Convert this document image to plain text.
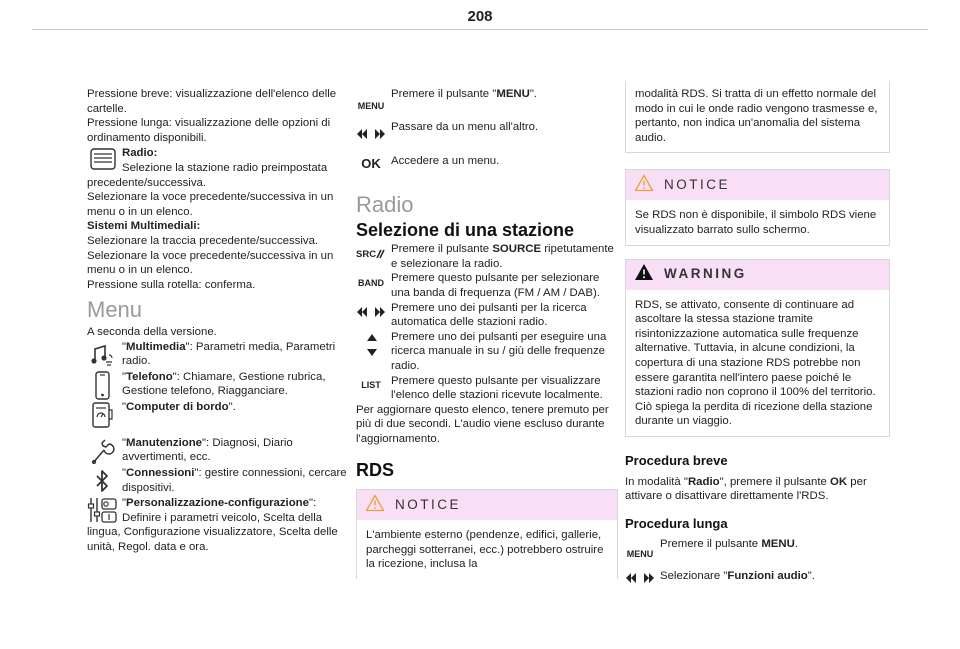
208

Pressione breve: visualizzazione dell'elenco delle cartelle.

Pressione lunga: visualizzazione delle opzioni di ordinamento disponibili.

Radio:
Selezione la stazione radio preimpostata precedente/successiva.

Selezionare la voce precedente/successiva in un menu o in un elenco.

Sistemi Multimediali:

Selezionare la traccia precedente/successiva.

Selezionare la voce precedente/successiva in un menu o in un elenco.

Pressione sulla rotella: conferma.

Menu

A seconda della versione.

"Multimedia": Parametri media, Parametri radio.
"Telefono": Chiamare, Gestione rubrica, Gestione telefono, Riagganciare.
"Computer di bordo".
"Manutenzione": Diagnosi, Diario avvertimenti, ecc.
"Connessioni": gestire connessioni, cercare dispositivi.
"Personalizzazione-configurazione": Definire i parametri veicolo, Scelta della lingua, Configurazione visualizzatore, Scelta delle unità, Regol. data e ora.
MENU
Premere il pulsante "MENU".
Passare da un menu all'altro.
OK Accedere a un menu.
Radio
Selezione di una stazione
SRC Premere il pulsante SOURCE ripetutamente e selezionare la radio.
BAND Premere questo pulsante per selezionare una banda di frequenza (FM / AM / DAB).
Premere uno dei pulsanti per la ricerca automatica delle stazioni radio.
Premere uno dei pulsanti per eseguire una ricerca manuale in su / giù delle frequenze radio.
LIST Premere questo pulsante per visualizzare l'elenco delle stazioni ricevute localmente.

Per aggiornare questo elenco, tenere premuto per più di due secondi. L'audio viene escluso durante l'aggiornamento.

RDS
NOTICE
L'ambiente esterno (pendenze, edifici, gallerie, parcheggi sotterranei, ecc.) potrebbero ostruire la ricezione, inclusa la
modalità RDS. Si tratta di un effetto normale del modo in cui le onde radio vengono trasmesse e, pertanto, non indica un'anomalia del sistema audio.
NOTICE
Se RDS non è disponibile, il simbolo RDS viene visualizzato barrato sullo schermo.
WARNING
RDS, se attivato, consente di continuare ad ascoltare la stessa stazione tramite risintonizzazione automatica sulle frequenze alternative. Tuttavia, in alcune condizioni, la copertura di una stazione RDS potrebbe non essere garantita nell'intero paese poiché le stazioni radio non coprono il 100% del territorio. Ciò spiega la perdita di ricezione della stazione durante un viaggio.
Procedura breve

In modalità "Radio", premere il pulsante OK per attivare o disattivare direttamente l'RDS.

Procedura lunga
MENU
Premere il pulsante MENU.
Selezionare "Funzioni audio".
